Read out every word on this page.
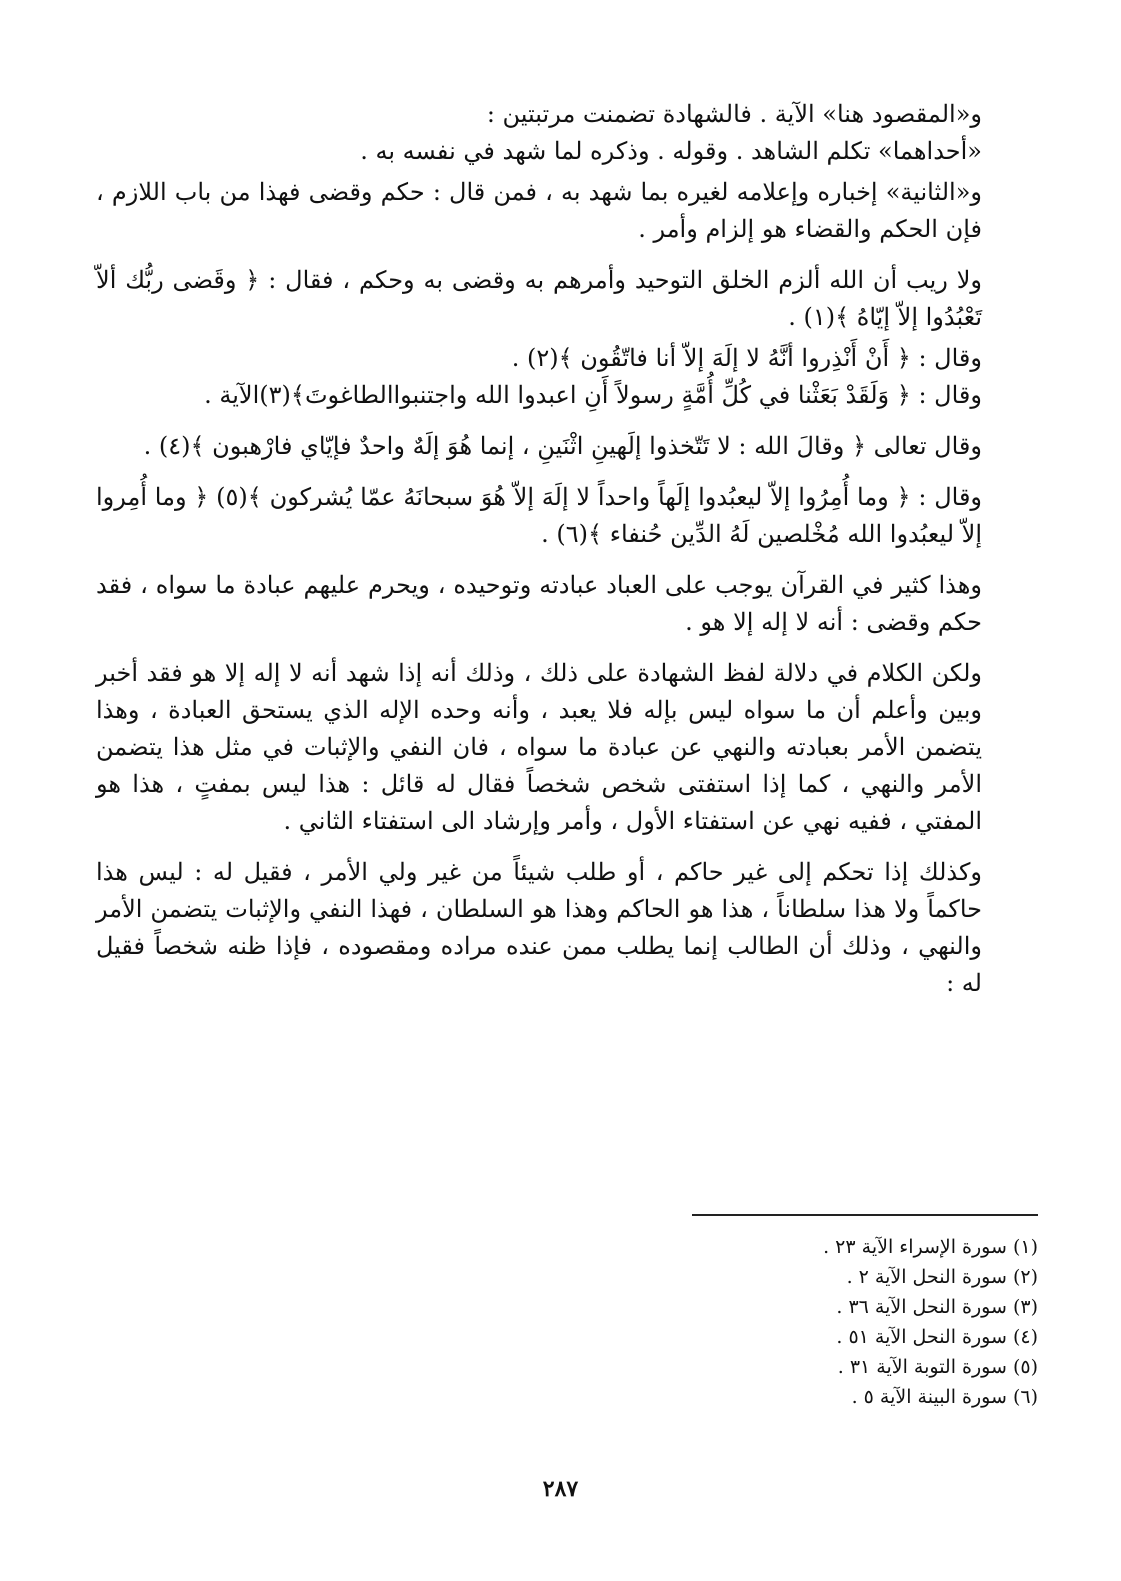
و«المقصود هنا» الآية . فالشهادة تضمنت مرتبتين :
«أحداهما» تكلم الشاهد . وقوله . وذكره لما شهد في نفسه به .

و«الثانية» إخباره وإعلامه لغيره بما شهد به ، فمن قال : حكم وقضى فهذا من باب اللازم ، فإن الحكم والقضاء هو إلزام وأمر .

ولا ريب أن الله ألزم الخلق التوحيد وأمرهم به وقضى به وحكم ، فقال : ﴿ وقَضى ربُّك ألاّ تَعْبُدُوا إلاّ إيّاهُ ﴾(١) .

وقال : ﴿ أَنْ أَنْذِروا أنَّهُ لا إلَهَ إلاّ أنا فاتّقُون ﴾(٢) .
وقال : ﴿ وَلَقَدْ بَعَثْنا في كُلِّ أُمَّةٍ رسولاً أَنِ اعبدوا الله واجتنبواالطاغوتَ﴾(٣)الآية .

وقال تعالى ﴿ وقالَ الله : لا تَتّخذوا إلَهينِ اثْنَينِ ، إنما هُوَ إلَهٌ واحدٌ فإيّاي فارْهبون ﴾(٤) .

وقال : ﴿ وما أُمِرُوا إلاّ ليعبُدوا إلَهاً واحداً لا إلَهَ إلاّ هُوَ سبحانَهُ عمّا يُشركون ﴾(٥) ﴿ وما أُمِروا إلاّ ليعبُدوا الله مُخْلصين لَهُ الدِّين حُنفاء ﴾(٦) .

وهذا كثير في القرآن يوجب على العباد عبادته وتوحيده ، ويحرم عليهم عبادة ما سواه ، فقد حكم وقضى : أنه لا إله إلا هو .

ولكن الكلام في دلالة لفظ الشهادة على ذلك ، وذلك أنه إذا شهد أنه لا إله إلا هو فقد أخبر وبين وأعلم أن ما سواه ليس بإله فلا يعبد ، وأنه وحده الإله الذي يستحق العبادة ، وهذا يتضمن الأمر بعبادته والنهي عن عبادة ما سواه ، فان النفي والإثبات في مثل هذا يتضمن الأمر والنهي ، كما إذا استفتى شخص شخصاً فقال له قائل : هذا ليس بمفتٍ ، هذا هو المفتي ، ففيه نهي عن استفتاء الأول ، وأمر وإرشاد الى استفتاء الثاني .

وكذلك إذا تحكم إلى غير حاكم ، أو طلب شيئاً من غير ولي الأمر ، فقيل له : ليس هذا حاكماً ولا هذا سلطاناً ، هذا هو الحاكم وهذا هو السلطان ، فهذا النفي والإثبات يتضمن الأمر والنهي ، وذلك أن الطالب إنما يطلب ممن عنده مراده ومقصوده ، فإذا ظنه شخصاً فقيل له :

(١) سورة الإسراء الآية ٢٣ .

(٢) سورة النحل الآية ٢ .

(٣) سورة النحل الآية ٣٦ .

(٤) سورة النحل الآية ٥١ .

(٥) سورة التوبة الآية ٣١ .

(٦) سورة البينة الآية ٥ .

٢٨٧
